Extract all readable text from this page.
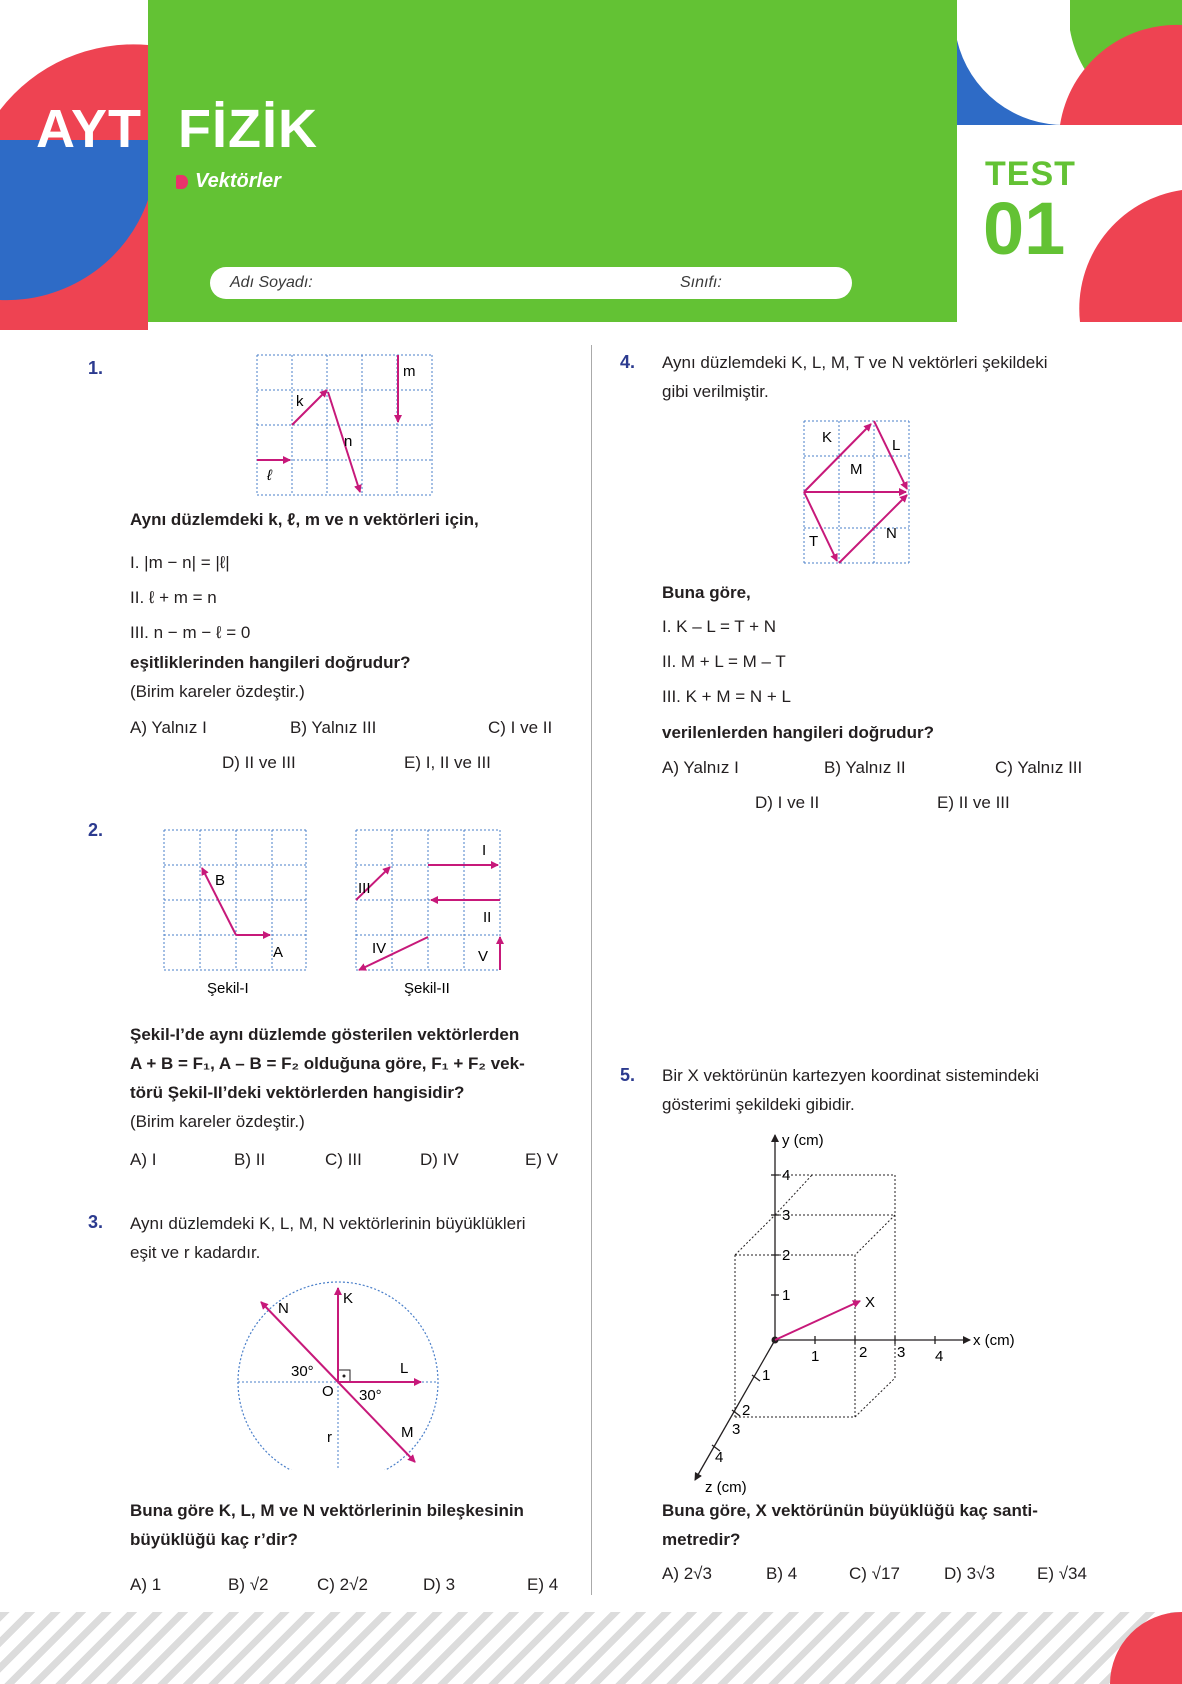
AYT FİZİK
Vektörler
Adı Soyadı:	Sınıfı:
TEST
01
1.	m
k
n
ℓ
Aynı düzlemdeki k, ℓ, m ve n vektörleri için,
I. |m − n| = |ℓ|
II. ℓ + m = n
III. n − m − ℓ = 0
eşitliklerinden hangileri doğrudur?
(Birim kareler özdeştir.)
A) Yalnız I	B) Yalnız III	C) I ve II
D) II ve III	E) I, II ve III
2.
B
A
Şekil-I
I
III
II
IV	V
Şekil-II
Şekil-I’de aynı düzlemde gösterilen vektörlerden
A + B = F₁, A – B = F₂ olduğuna göre, F₁ + F₂ vek-
törü Şekil-II’deki vektörlerden hangisidir?
(Birim kareler özdeştir.)
A) I	B) II	C) III	D) IV	E) V
3. Aynı düzlemdeki K, L, M, N vektörlerinin büyüklükleri
eşit ve r kadardır.
N
K
30°	L
O 30°
r	M
Buna göre K, L, M ve N vektörlerinin bileşkesinin
büyüklüğü kaç r’dir?
A) 1	B) √2	C) 2√2	D) 3	E) 4
4. Aynı düzlemdeki K, L, M, T ve N vektörleri şekildeki
gibi verilmiştir.
K	L
M
T	N
Buna göre,
I. K – L = T + N
II. M + L = M – T
III. K + M = N + L
verilenlerden hangileri doğrudur?
A) Yalnız I	B) Yalnız II	C) Yalnız III
D) I ve II	E) II ve III
5. Bir X vektörünün kartezyen koordinat sistemindeki
gösterimi şekildeki gibidir.
y (cm)
x (cm)
z (cm)
4
3
2
1
1	2 3 4
1
2
3
4
X
Buna göre, X vektörünün büyüklüğü kaç santi-
metredir?
A) 2√3	B) 4	C) √17	D) 3√3 E) √34
